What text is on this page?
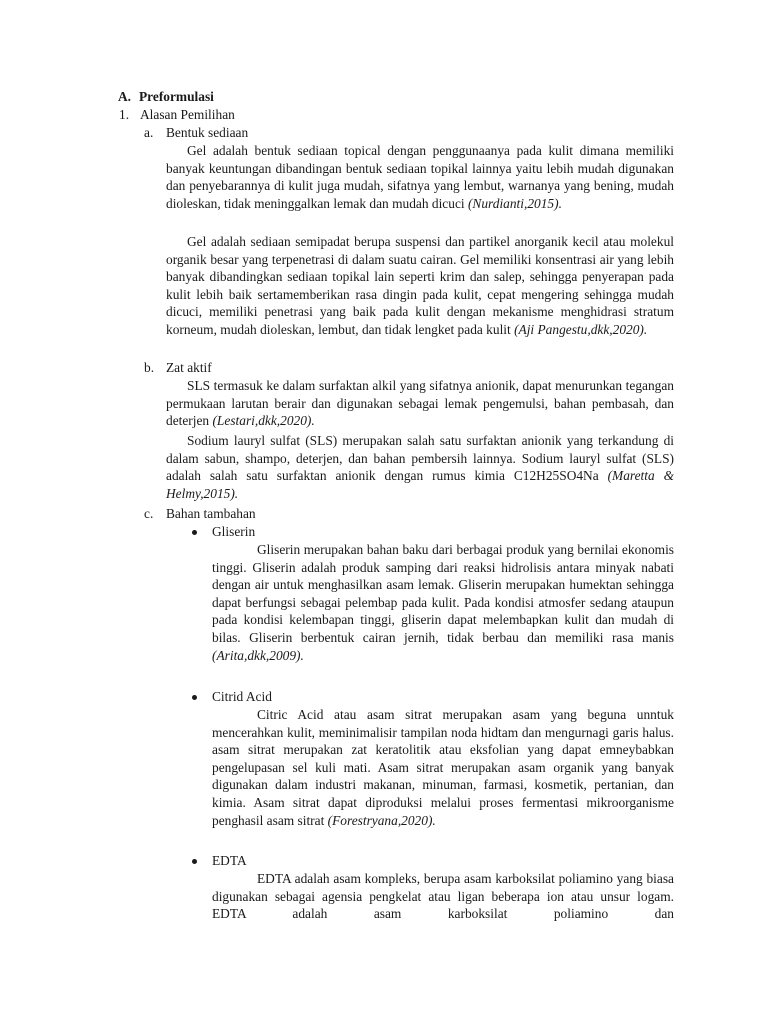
A. Preformulasi
1. Alasan Pemilihan
a. Bentuk sediaan
Gel adalah bentuk sediaan topical dengan penggunaanya pada kulit dimana memiliki banyak keuntungan dibandingan bentuk sediaan topikal lainnya yaitu lebih mudah digunakan dan penyebarannya di kulit juga mudah, sifatnya yang lembut, warnanya yang bening, mudah dioleskan, tidak meninggalkan lemak dan mudah dicuci (Nurdianti,2015).
Gel adalah sediaan semipadat berupa suspensi dan partikel anorganik kecil atau molekul organik besar yang terpenetrasi di dalam suatu cairan. Gel memiliki konsentrasi air yang lebih banyak dibandingkan sediaan topikal lain seperti krim dan salep, sehingga penyerapan pada kulit lebih baik sertamemberikan rasa dingin pada kulit, cepat mengering sehingga mudah dicuci, memiliki penetrasi yang baik pada kulit dengan mekanisme menghidrasi stratum korneum, mudah dioleskan, lembut, dan tidak lengket pada kulit (Aji Pangestu,dkk,2020).
b. Zat aktif
SLS termasuk ke dalam surfaktan alkil yang sifatnya anionik, dapat menurunkan tegangan permukaan larutan berair dan digunakan sebagai lemak pengemulsi, bahan pembasah, dan deterjen (Lestari,dkk,2020).
Sodium lauryl sulfat (SLS) merupakan salah satu surfaktan anionik yang terkandung di dalam sabun, shampo, deterjen, dan bahan pembersih lainnya. Sodium lauryl sulfat (SLS) adalah salah satu surfaktan anionik dengan rumus kimia C12H25SO4Na (Maretta & Helmy,2015).
c. Bahan tambahan
Gliserin
Gliserin merupakan bahan baku dari berbagai produk yang bernilai ekonomis tinggi. Gliserin adalah produk samping dari reaksi hidrolisis antara minyak nabati dengan air untuk menghasilkan asam lemak. Gliserin merupakan humektan sehingga dapat berfungsi sebagai pelembap pada kulit. Pada kondisi atmosfer sedang ataupun pada kondisi kelembapan tinggi, gliserin dapat melembapkan kulit dan mudah di bilas. Gliserin berbentuk cairan jernih, tidak berbau dan memiliki rasa manis (Arita,dkk,2009).
Citrid Acid
Citric Acid atau asam sitrat merupakan asam yang beguna unntuk mencerahkan kulit, meminimalisir tampilan noda hidtam dan mengurnagi garis halus. asam sitrat merupakan zat keratolitik atau eksfolian yang dapat emneybabkan pengelupasan sel kuli mati. Asam sitrat merupakan asam organik yang banyak digunakan dalam industri makanan, minuman, farmasi, kosmetik, pertanian, dan kimia. Asam sitrat dapat diproduksi melalui proses fermentasi mikroorganisme penghasil asam sitrat (Forestryana,2020).
EDTA
EDTA adalah asam kompleks, berupa asam karboksilat poliamino yang biasa digunakan sebagai agensia pengkelat atau ligan beberapa ion atau unsur logam. EDTA adalah asam karboksilat poliamino dan
